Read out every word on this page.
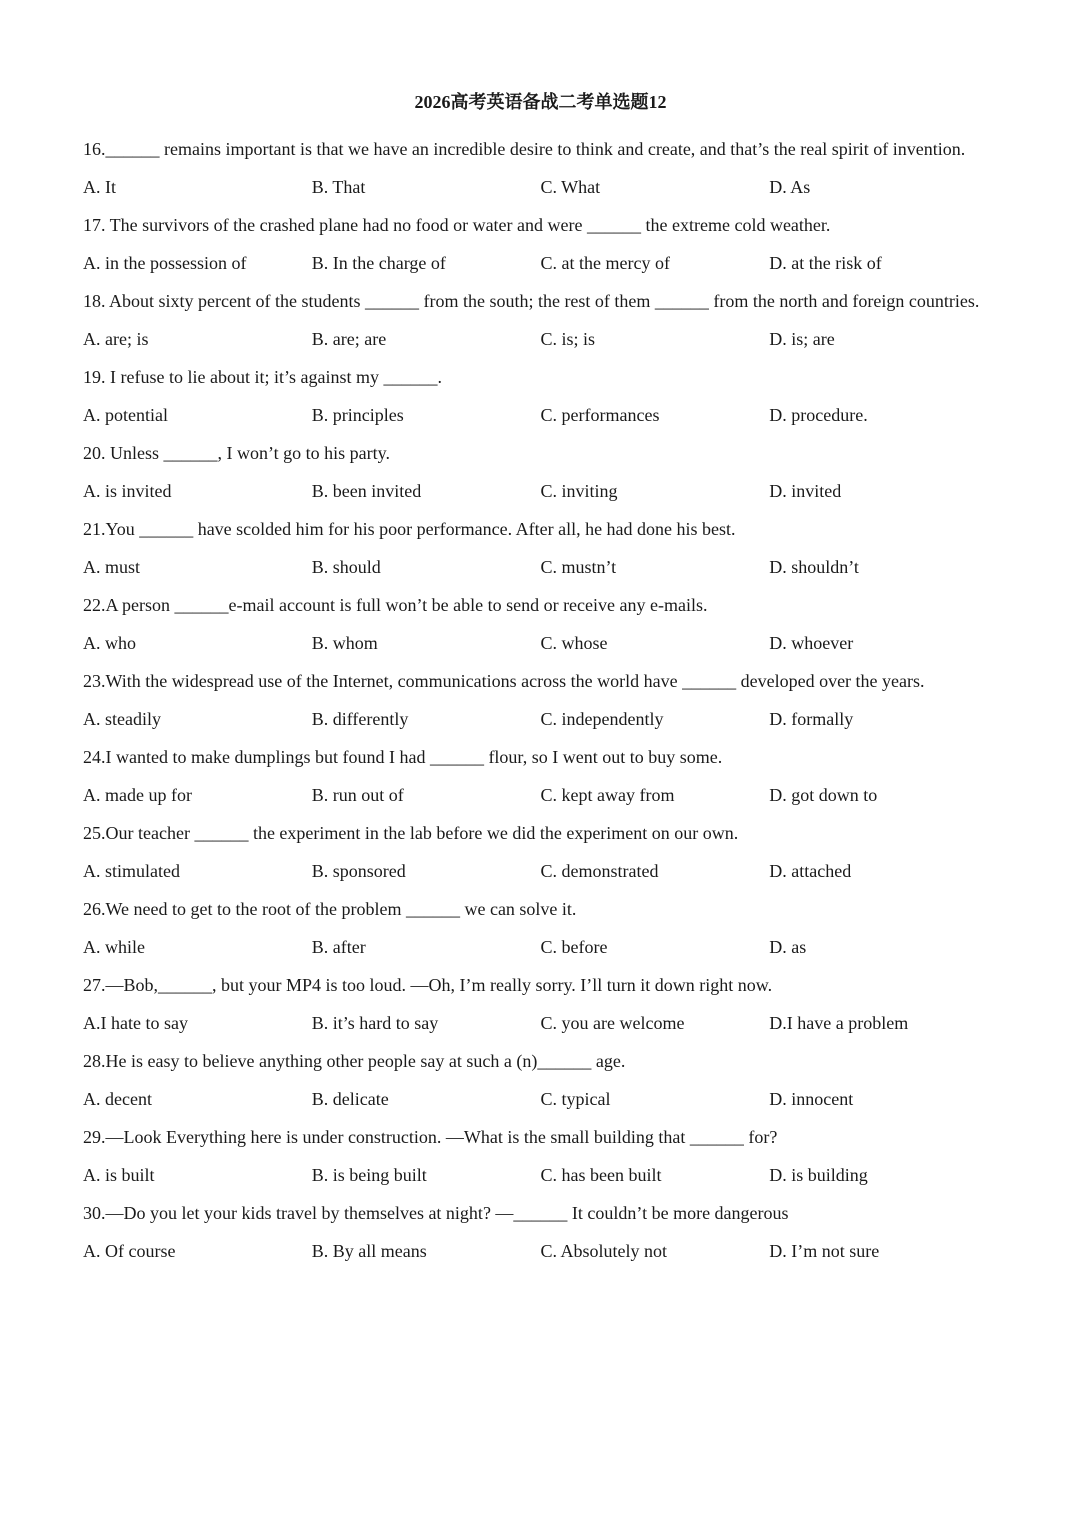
2026高考英语备战二考单选题12

16.______ remains important is that we have an incredible desire to think and create, and that’s the real spirit of invention.

A. It	B. That	C. What	D. As

17. The survivors of the crashed plane had no food or water and were ______ the extreme cold weather.

A. in the possession of	B. In the charge of	C. at the mercy of	D. at the risk of

18. About sixty percent of the students ______ from the south; the rest of them ______ from the north and foreign countries.

A. are; is	B. are; are	C. is; is	D. is; are

19. I refuse to lie about it; it’s against my ______.

A. potential	B. principles	C. performances	D. procedure.

20. Unless ______, I won’t go to his party.

A. is invited	B. been invited	C. inviting	D. invited

21.You ______ have scolded him for his poor performance. After all, he had done his best.

A. must	B. should	C. mustn’t	D. shouldn’t

22.A person ______e-mail account is full won’t be able to send or receive any e-mails.

A. who	B. whom	C. whose	D. whoever

23.With the widespread use of the Internet, communications across the world have ______ developed over the years.

A. steadily	B. differently	C. independently	D. formally

24.I wanted to make dumplings but found I had ______ flour, so I went out to buy some.

A. made up for	B. run out of	C. kept away from	D. got down to

25.Our teacher ______ the experiment in the lab before we did the experiment on our own.

A. stimulated	B. sponsored	C. demonstrated	D. attached

26.We need to get to the root of the problem ______ we can solve it.

A. while	B. after	C. before	D. as

27.—Bob,______, but your MP4 is too loud. —Oh, I’m really sorry. I’ll turn it down right now.

A.I hate to say	B. it’s hard to say	C. you are welcome	D.I have a problem

28.He is easy to believe anything other people say at such a (n)______ age.

A. decent	B. delicate	C. typical	D. innocent

29.—Look Everything here is under construction. —What is the small building that ______ for?

A. is built	B. is being built	C. has been built	D. is building

30.—Do you let your kids travel by themselves at night? —______ It couldn’t be more dangerous

A. Of course	B. By all means	C. Absolutely not	D. I’m not sure
